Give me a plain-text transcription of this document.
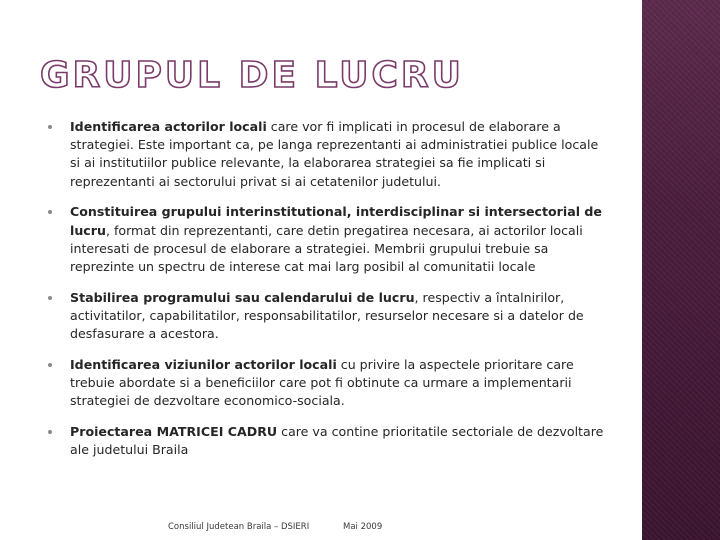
GRUPUL DE LUCRU
Identificarea actorilor locali care vor fi implicati in procesul de elaborare a strategiei. Este important ca, pe langa reprezentanti ai administratiei publice locale si ai institutiilor publice relevante, la elaborarea strategiei sa fie implicati si reprezentanti ai sectorului privat si ai cetatenilor judetului.
Constituirea grupului interinstitutional, interdisciplinar si intersectorial de lucru, format din reprezentanti, care detin pregatirea necesara, ai actorilor locali interesati de procesul de elaborare a strategiei. Membrii grupului trebuie sa reprezinte un spectru de interese cat mai larg posibil al comunitatii locale
Stabilirea programului sau calendarului de lucru, respectiv a întalnirilor, activitatilor, capabilitatilor, responsabilitatilor, resurselor necesare si a datelor de desfasurare a acestora.
Identificarea viziunilor actorilor locali cu privire la aspectele prioritare care trebuie abordate si a beneficiilor care pot fi obtinute ca urmare a implementarii strategiei de dezvoltare economico-sociala.
Proiectarea MATRICEI CADRU care va contine prioritatile sectoriale de dezvoltare ale judetului Braila
Consiliul Judetean Braila – DSIERI	Mai 2009
